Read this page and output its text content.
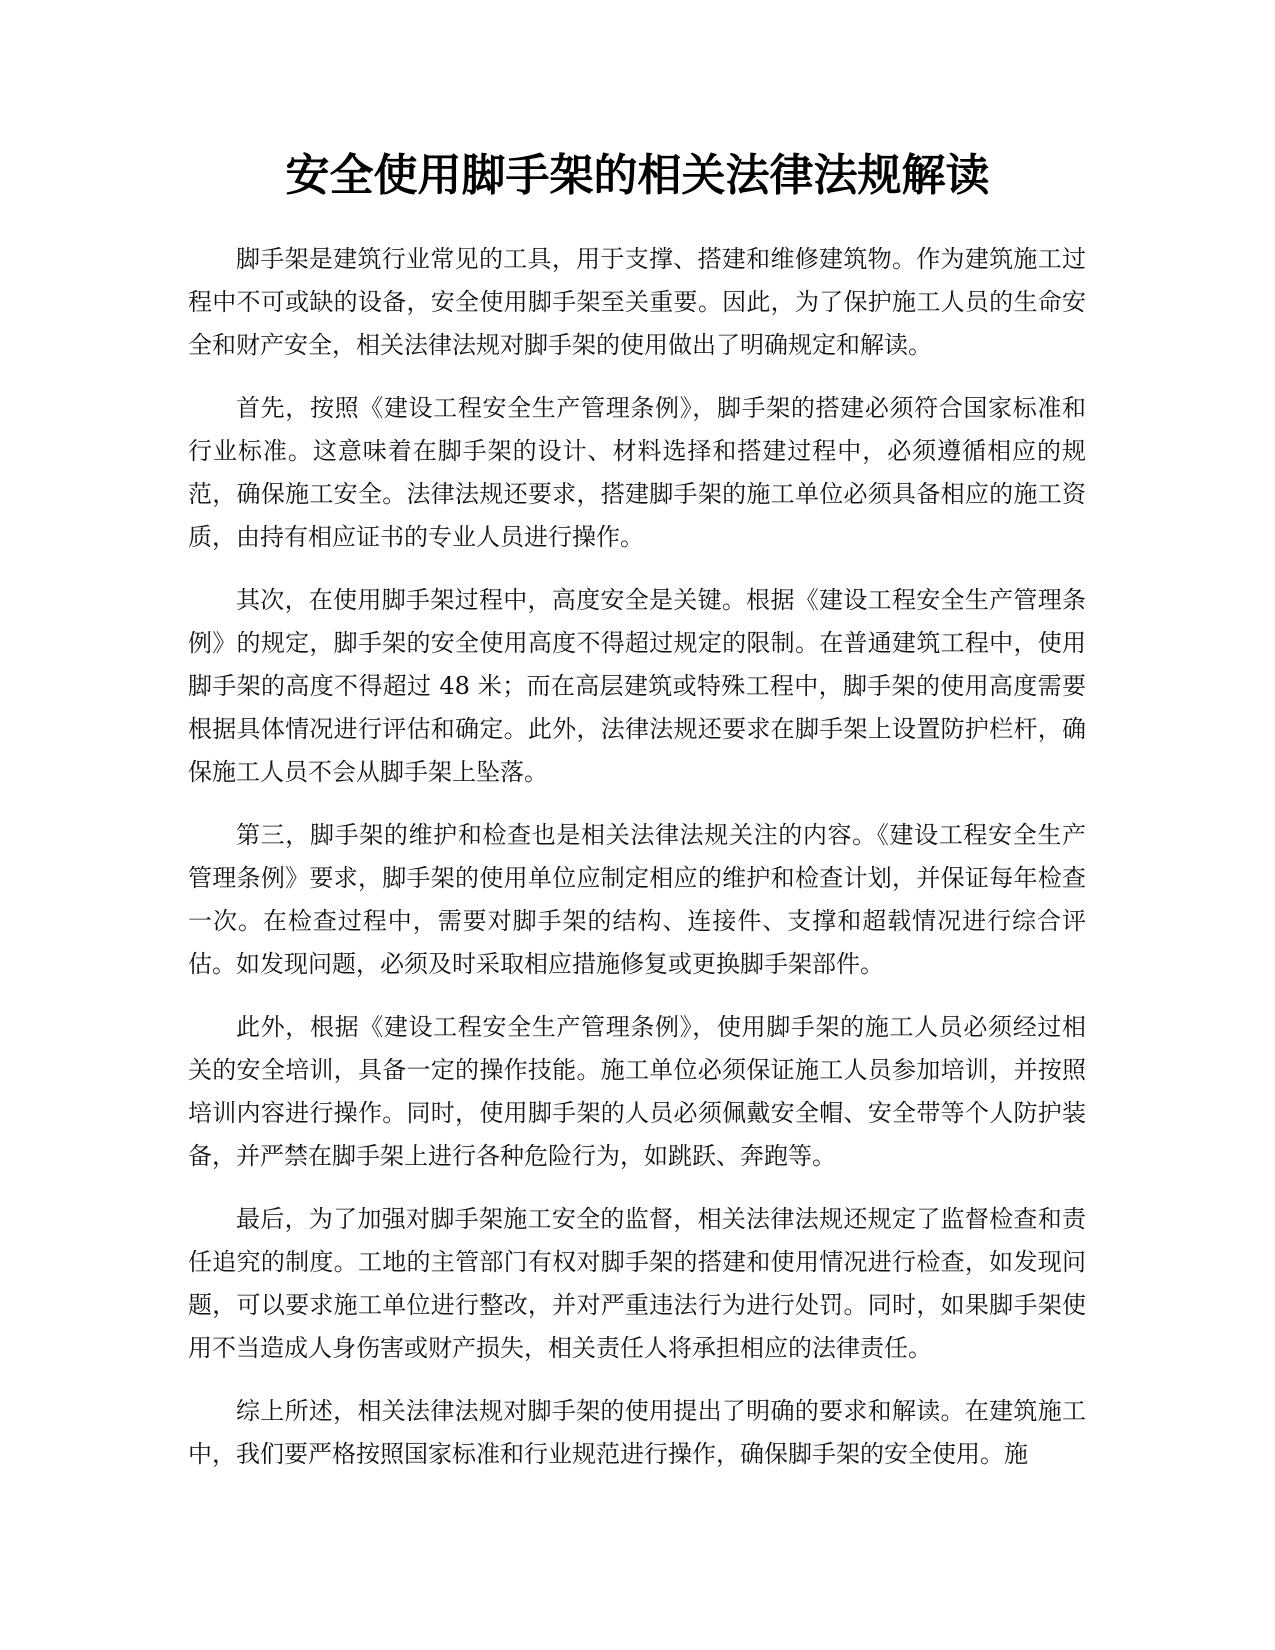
安全使用脚手架的相关法律法规解读

脚手架是建筑行业常见的工具，用于支撑、搭建和维修建筑物。作为建筑施工过程中不可或缺的设备，安全使用脚手架至关重要。因此，为了保护施工人员的生命安全和财产安全，相关法律法规对脚手架的使用做出了明确规定和解读。

首先，按照《建设工程安全生产管理条例》，脚手架的搭建必须符合国家标准和行业标准。这意味着在脚手架的设计、材料选择和搭建过程中，必须遵循相应的规范，确保施工安全。法律法规还要求，搭建脚手架的施工单位必须具备相应的施工资质，由持有相应证书的专业人员进行操作。

其次，在使用脚手架过程中，高度安全是关键。根据《建设工程安全生产管理条例》的规定，脚手架的安全使用高度不得超过规定的限制。在普通建筑工程中，使用脚手架的高度不得超过 48 米；而在高层建筑或特殊工程中，脚手架的使用高度需要根据具体情况进行评估和确定。此外，法律法规还要求在脚手架上设置防护栏杆，确保施工人员不会从脚手架上坠落。

第三，脚手架的维护和检查也是相关法律法规关注的内容。《建设工程安全生产管理条例》要求，脚手架的使用单位应制定相应的维护和检查计划，并保证每年检查一次。在检查过程中，需要对脚手架的结构、连接件、支撑和超载情况进行综合评估。如发现问题，必须及时采取相应措施修复或更换脚手架部件。

此外，根据《建设工程安全生产管理条例》，使用脚手架的施工人员必须经过相关的安全培训，具备一定的操作技能。施工单位必须保证施工人员参加培训，并按照培训内容进行操作。同时，使用脚手架的人员必须佩戴安全帽、安全带等个人防护装备，并严禁在脚手架上进行各种危险行为，如跳跃、奔跑等。

最后，为了加强对脚手架施工安全的监督，相关法律法规还规定了监督检查和责任追究的制度。工地的主管部门有权对脚手架的搭建和使用情况进行检查，如发现问题，可以要求施工单位进行整改，并对严重违法行为进行处罚。同时，如果脚手架使用不当造成人身伤害或财产损失，相关责任人将承担相应的法律责任。

综上所述，相关法律法规对脚手架的使用提出了明确的要求和解读。在建筑施工中，我们要严格按照国家标准和行业规范进行操作，确保脚手架的安全使用。施
